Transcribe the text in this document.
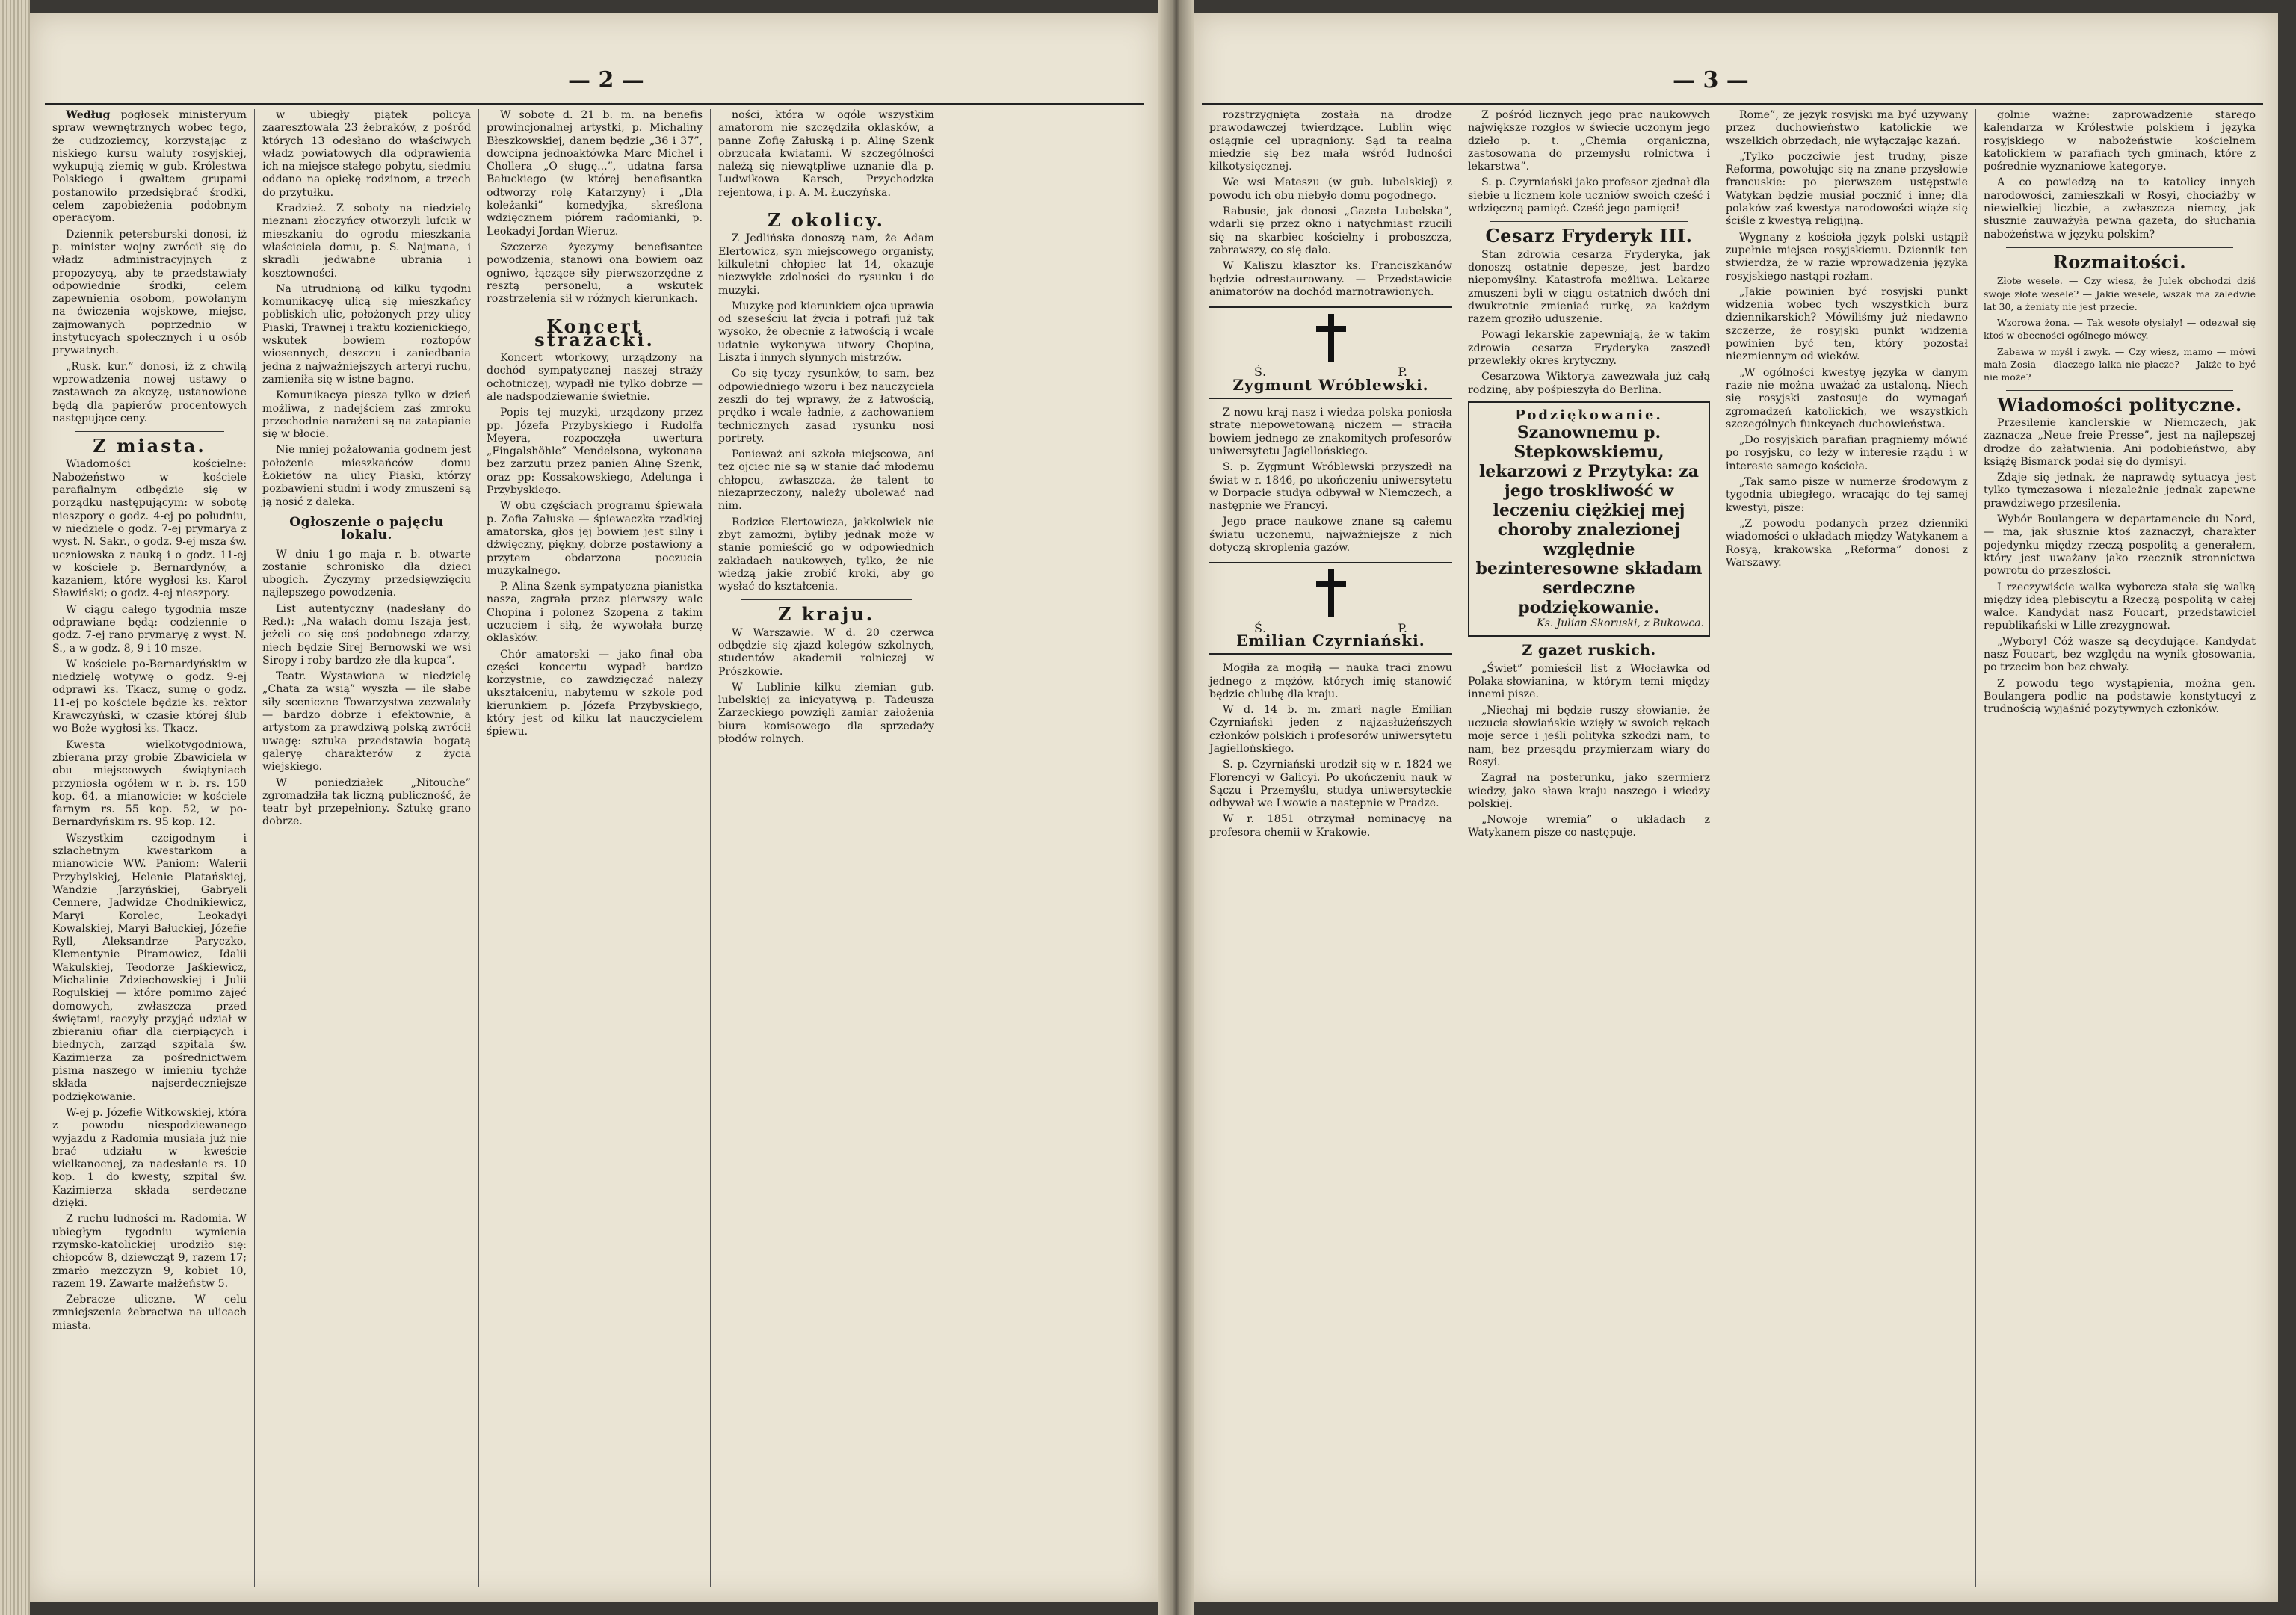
— 2 —

Według pogłosek ministeryum spraw wewnętrznych wobec tego, że cudzoziemcy, korzystając z niskiego kursu waluty rosyjskiej, wykupują ziemię w gub. Królestwa Polskiego i gwałtem grupami postanowiło przedsiębrać środki, celem zapobieżenia podobnym operacyom.

Dziennik petersburski donosi, iż p. minister wojny zwrócił się do władz administracyjnych z propozycyą, aby te przedstawiały odpowiednie środki, celem zapewnienia osobom, powołanym na ćwiczenia wojskowe, miejsc, zajmowanych poprzednio w instytucyach społecznych i u osób prywatnych.

„Rusk. kur.” donosi, iż z chwilą wprowadzenia nowej ustawy o zastawach za akcyzę, ustanowione będą dla papierów procentowych następujące ceny.

Z miasta.

Wiadomości kościelne: Nabożeństwo w kościele parafialnym odbędzie się w porządku następującym: w sobotę nieszpory o godz. 4-ej po południu, w niedzielę o godz. 7-ej prymarya z wyst. N. Sakr., o godz. 9-ej msza św. uczniowska z nauką i o godz. 11-ej w kościele p. Bernardynów, a kazaniem, które wygłosi ks. Karol Sławiński; o godz. 4-ej nieszpory.

W ciągu całego tygodnia msze odprawiane będą: codziennie o godz. 7-ej rano prymaryę z wyst. N. S., a w godz. 8, 9 i 10 msze.

W kościele po-Bernardyńskim w niedzielę wotywę o godz. 9-ej odprawi ks. Tkacz, sumę o godz. 11-ej po kościele będzie ks. rektor Krawczyński, w czasie której ślub wo Boże wygłosi ks. Tkacz.

Kwesta wielkotygodniowa, zbierana przy grobie Zbawiciela w obu miejscowych świątyniach przyniosła ogółem w r. b. rs. 150 kop. 64, a mianowicie: w kościele farnym rs. 55 kop. 52, w po-Bernardyńskim rs. 95 kop. 12.

Wszystkim czcigodnym i szlachetnym kwestarkom a mianowicie WW. Paniom: Walerii Przybylskiej, Helenie Platańskiej, Wandzie Jarzyńskiej, Gabryeli Cennere, Jadwidze Chodnikiewicz, Maryi Korolec, Leokadyi Kowalskiej, Maryi Bałuckiej, Józefie Ryll, Aleksandrze Paryczko, Klementynie Piramowicz, Idalii Wakulskiej, Teodorze Jaśkiewicz, Michalinie Zdziechowskiej i Julii Rogulskiej — które pomimo zajęć domowych, zwłaszcza przed świętami, raczyły przyjąć udział w zbieraniu ofiar dla cierpiących i biednych, zarząd szpitala św. Kazimierza za pośrednictwem pisma naszego w imieniu tychże składa najserdeczniejsze podziękowanie.

W-ej p. Józefie Witkowskiej, która z powodu niespodziewanego wyjazdu z Radomia musiała już nie brać udziału w kweście wielkanocnej, za nadesłanie rs. 10 kop. 1 do kwesty, szpital św. Kazimierza składa serdeczne dzięki.

Z ruchu ludności m. Radomia. W ubiegłym tygodniu wymienia rzymsko-katolickiej urodziło się: chłopców 8, dziewcząt 9, razem 17; zmarło mężczyzn 9, kobiet 10, razem 19. Zawarte małżeństw 5.

Zebracze uliczne. W celu zmniejszenia żebractwa na ulicach miasta.

w ubiegły piątek policya zaaresztowała 23 żebraków, z pośród których 13 odesłano do właściwych władz powiatowych dla odprawienia ich na miejsce stałego pobytu, siedmiu oddano na opiekę rodzinom, a trzech do przytułku.

Kradzież. Z soboty na niedzielę nieznani złoczyńcy otworzyli lufcik w mieszkaniu do ogrodu mieszkania właściciela domu, p. S. Najmana, i skradli jedwabne ubrania i kosztowności.

Na utrudnioną od kilku tygodni komunikacyę ulicą się mieszkańcy pobliskich ulic, położonych przy ulicy Piaski, Trawnej i traktu kozienickiego, wskutek bowiem roztopów wiosennych, deszczu i zaniedbania jedna z najważniejszych arteryi ruchu, zamieniła się w istne bagno.

Komunikacya piesza tylko w dzień możliwa, z nadejściem zaś zmroku przechodnie narażeni są na zatapianie się w błocie.

Nie mniej pożałowania godnem jest położenie mieszkańców domu Łokietów na ulicy Piaski, którzy pozbawieni studni i wody zmuszeni są ją nosić z daleka.

Ogłoszenie o pajęciu lokalu.

W dniu 1-go maja r. b. otwarte zostanie schronisko dla dzieci ubogich. Życzymy przedsięwzięciu najlepszego powodzenia.

List autentyczny (nadesłany do Red.): „Na wałach domu Iszaja jest, jeżeli co się coś podobnego zdarzy, niech będzie Sirej Bernowski we wsi Siropy i roby bardzo złe dla kupca”.

Teatr. Wystawiona w niedzielę „Chata za wsią” wyszła — ile słabe siły sceniczne Towarzystwa zezwalały — bardzo dobrze i efektownie, a artystom za prawdziwą polską zwrócił uwagę: sztuka przedstawia bogatą galeryę charakterów z życia wiejskiego.

W poniedziałek „Nitouche” zgromadziła tak liczną publiczność, że teatr był przepełniony. Sztukę grano dobrze.

W sobotę d. 21 b. m. na benefis prowincjonalnej artystki, p. Michaliny Błeszkowskiej, danem będzie „36 i 37”, dowcipna jednoaktówka Marc Michel i Chollera „O sługę...”, udatna farsa Bałuckiego (w której benefisantka odtworzy rolę Katarzyny) i „Dla koleżanki” komedyjka, skreślona wdzięcznem piórem radomianki, p. Leokadyi Jordan-Wieruz.

Szczerze życzymy benefisantce powodzenia, stanowi ona bowiem oaz ogniwo, łączące siły pierwszorzędne z resztą personelu, a wskutek rozstrzelenia sił w różnych kierunkach.

Koncert strażacki.

Koncert wtorkowy, urządzony na dochód sympatycznej naszej straży ochotniczej, wypadł nie tylko dobrze — ale nadspodziewanie świetnie.

Popis tej muzyki, urządzony przez pp. Józefa Przybyskiego i Rudolfa Meyera, rozpoczęła uwertura „Fingalshöhle” Mendelsona, wykonana bez zarzutu przez panien Alinę Szenk, oraz pp: Kossakowskiego, Adelunga i Przybyskiego.

W obu częściach programu śpiewała p. Zofia Załuska — śpiewaczka rzadkiej amatorska, głos jej bowiem jest silny i dźwięczny, piękny, dobrze postawiony a przytem obdarzona poczucia muzykalnego.

P. Alina Szenk sympatyczna pianistka nasza, zagrała przez pierwszy walc Chopina i polonez Szopena z takim uczuciem i siłą, że wywołała burzę oklasków.

Chór amatorski — jako finał oba części koncertu wypadł bardzo korzystnie, co zawdzięczać należy ukształceniu, nabytemu w szkole pod kierunkiem p. Józefa Przybyskiego, który jest od kilku lat nauczycielem śpiewu.

ności, która w ogóle wszystkim amatorom nie szczędziła oklasków, a panne Zofię Załuską i p. Alinę Szenk obrzucała kwiatami. W szczególności należą się niewątpliwe uznanie dla p. Ludwikowa Karsch, Przychodzka rejentowa, i p. A. M. Łuczyńska.

Z okolicy.

Z Jedlińska donoszą nam, że Adam Elertowicz, syn miejscowego organisty, kilkuletni chłopiec lat 14, okazuje niezwykłe zdolności do rysunku i do muzyki.

Muzykę pod kierunkiem ojca uprawia od szeseściu lat życia i potrafi już tak wysoko, że obecnie z łatwością i wcale udatnie wykonywa utwory Chopina, Liszta i innych słynnych mistrzów.

Co się tyczy rysunków, to sam, bez odpowiedniego wzoru i bez nauczyciela zeszli do tej wprawy, że z łatwością, prędko i wcale ładnie, z zachowaniem technicznych zasad rysunku nosi portrety.

Ponieważ ani szkoła miejscowa, ani też ojciec nie są w stanie dać młodemu chłopcu, zwłaszcza, że talent to niezaprzeczony, należy ubolewać nad nim.

Rodzice Elertowicza, jakkolwiek nie zbyt zamożni, byliby jednak może w stanie pomieścić go w odpowiednich zakładach naukowych, tylko, że nie wiedzą jakie zrobić kroki, aby go wysłać do kształcenia.

Z kraju.

W Warszawie. W d. 20 czerwca odbędzie się zjazd kolegów szkolnych, studentów akademii rolniczej w Prószkowie.

W Lublinie kilku ziemian gub. lubelskiej za inicyatywą p. Tadeusza Zarzeckiego powzięli zamiar założenia biura komisowego dla sprzedaży płodów rolnych.

— 3 —

rozstrzygnięta została na drodze prawodawczej twierdzące. Lublin więc osiągnie cel upragniony. Sąd ta realna miedzie się bez mała wśród ludności kilkotysięcznej.

We wsi Mateszu (w gub. lubelskiej) z powodu ich obu niebyło domu pogodnego.

Rabusie, jak donosi „Gazeta Lubelska”, wdarli się przez okno i natychmiast rzucili się na skarbiec kościelny i proboszcza, zabrawszy, co się dało.

W Kaliszu klasztor ks. Franciszkanów będzie odrestaurowany. — Przedstawicie animatorów na dochód marnotrawionych.

Ś.	P.
Zygmunt Wróblewski.

Z nowu kraj nasz i wiedza polska poniosła stratę niepowetowaną niczem — straciła bowiem jednego ze znakomitych profesorów uniwersytetu Jagiellońskiego.

S. p. Zygmunt Wróblewski przyszedł na świat w r. 1846, po ukończeniu uniwersytetu w Dorpacie studya odbywał w Niemczech, a następnie we Francyi.

Jego prace naukowe znane są całemu światu uczonemu, najważniejsze z nich dotyczą skroplenia gazów.

Ś.	P.
Emilian Czyrniański.

Mogiła za mogiłą — nauka traci znowu jednego z mężów, których imię stanowić będzie chlubę dla kraju.

W d. 14 b. m. zmarł nagle Emilian Czyrniański jeden z najzasłużeńszych członków polskich i profesorów uniwersytetu Jagiellońskiego.

S. p. Czyrniański urodził się w r. 1824 we Florencyi w Galicyi. Po ukończeniu nauk w Sączu i Przemyślu, studya uniwersyteckie odbywał we Lwowie a następnie w Pradze.

W r. 1851 otrzymał nominacyę na profesora chemii w Krakowie.

Z pośród licznych jego prac naukowych największe rozgłos w świecie uczonym jego dzieło p. t. „Chemia organiczna, zastosowana do przemysłu rolnictwa i lekarstwa”.

S. p. Czyrniański jako profesor zjednał dla siebie u licznem kole uczniów swoich cześć i wdzięczną pamięć. Cześć jego pamięci!

Cesarz Fryderyk III.

Stan zdrowia cesarza Fryderyka, jak donoszą ostatnie depesze, jest bardzo niepomyślny. Katastrofa możliwa. Lekarze zmuszeni byli w ciągu ostatnich dwóch dni dwukrotnie zmieniać rurkę, za każdym razem groziło uduszenie.

Powagi lekarskie zapewniają, że w takim zdrowia cesarza Fryderyka zaszedł przewlekły okres krytyczny.

Cesarzowa Wiktorya zawezwała już całą rodzinę, aby pośpieszyła do Berlina.

Podziękowanie.
Szanownemu p. Stepkowskiemu, lekarzowi z Przytyka: za jego troskliwość w leczeniu ciężkiej mej choroby znalezionej względnie bezinteresowne składam serdeczne podziękowanie.
Ks. Julian Skoruski, z Bukowca.
Z gazet ruskich.

„Świet” pomieścił list z Włocławka od Polaka-słowianina, w którym temi między innemi pisze.

„Niechaj mi będzie ruszy słowianie, że uczucia słowiańskie wzięły w swoich rękach moje serce i jeśli polityka szkodzi nam, to nam, bez przesądu przymierzam wiary do Rosyi.

Zagrał na posterunku, jako szermierz wiedzy, jako sława kraju naszego i wiedzy polskiej.

„Nowoje wremia” o układach z Watykanem pisze co następuje.

Rome”, że język rosyjski ma być używany przez duchowieństwo katolickie we wszelkich obrzędach, nie wyłączając kazań.

„Tylko poczciwie jest trudny, pisze Reforma, powołując się na znane przysłowie francuskie: po pierwszem ustępstwie Watykan będzie musiał pocznić i inne; dla polaków zaś kwestya narodowości wiąże się ściśle z kwestyą religijną.

Wygnany z kościoła język polski ustąpił zupełnie miejsca rosyjskiemu. Dziennik ten stwierdza, że w razie wprowadzenia języka rosyjskiego nastąpi rozłam.

„Jakie powinien być rosyjski punkt widzenia wobec tych wszystkich burz dziennikarskich? Mówiliśmy już niedawno szczerze, że rosyjski punkt widzenia powinien być ten, który pozostał niezmiennym od wieków.

„W ogólności kwestyę języka w danym razie nie można uważać za ustaloną. Niech się rosyjski zastosuje do wymagań zgromadzeń katolickich, we wszystkich szczególnych funkcyach duchowieństwa.

„Do rosyjskich parafian pragniemy mówić po rosyjsku, co leży w interesie rządu i w interesie samego kościoła.

„Tak samo pisze w numerze środowym z tygodnia ubiegłego, wracając do tej samej kwestyi, pisze:

„Z powodu podanych przez dzienniki wiadomości o układach między Watykanem a Rosyą, krakowska „Reforma” donosi z Warszawy.

golnie ważne: zaprowadzenie starego kalendarza w Królestwie polskiem i języka rosyjskiego w nabożeństwie kościelnem katolickiem w parafiach tych gminach, które z pośrednie wyznaniowe kategorye.

A co powiedzą na to katolicy innych narodowości, zamieszkali w Rosyi, chociażby w niewielkiej liczbie, a zwłaszcza niemcy, jak słusznie zauważyła pewna gazeta, do słuchania nabożeństwa w języku polskim?

Rozmaitości.

Złote wesele. — Czy wiesz, że Julek obchodzi dziś swoje złote wesele? — Jakie wesele, wszak ma zaledwie lat 30, a żeniaty nie jest przecie.

Wzorowa żona. — Tak wesołe ołysiały! — odezwał się ktoś w obecności ogólnego mówcy.

Zabawa w myśl i zwyk. — Czy wiesz, mamo — mówi mała Zosia — dlaczego lalka nie płacze? — Jakże to być nie może?

Wiadomości polityczne.

Przesilenie kanclerskie w Niemczech, jak zaznacza „Neue freie Presse”, jest na najlepszej drodze do załatwienia. Ani podobieństwo, aby książę Bismarck podał się do dymisyi.

Zdaje się jednak, że naprawdę sytuacya jest tylko tymczasowa i niezależnie jednak zapewne prawdziwego przesilenia.

Wybór Boulangera w departamencie du Nord, — ma, jak słusznie ktoś zaznaczył, charakter pojedynku między rzeczą pospolitą a generałem, który jest uważany jako rzecznik stronnictwa powrotu do przeszłości.

I rzeczywiście walka wyborcza stała się walką między ideą plebiscytu a Rzeczą pospolitą w całej walce. Kandydat nasz Foucart, przedstawiciel republikański w Lille zrezygnował.

„Wybory! Cóż wasze są decydujące. Kandydat nasz Foucart, bez względu na wynik głosowania, po trzecim bon bez chwały.

Z powodu tego wystąpienia, można gen. Boulangera podlic na podstawie konstytucyi z trudnością wyjaśnić pozytywnych członków.
